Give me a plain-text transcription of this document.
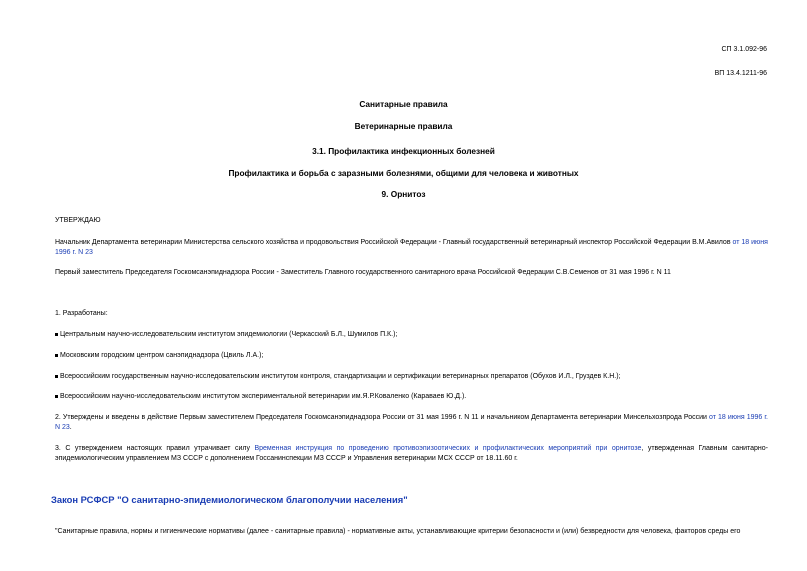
СП 3.1.092-96
ВП 13.4.1211-96
Санитарные правила
Ветеринарные правила
3.1. Профилактика инфекционных болезней
Профилактика и борьба с заразными болезнями, общими для человека и животных
9. Орнитоз
УТВЕРЖДАЮ
Начальник Департамента ветеринарии Министерства сельского хозяйства и продовольствия Российской Федерации - Главный государственный ветеринарный инспектор Российской Федерации В.М.Авилов от 18 июня 1996 г. N 23
Первый заместитель Председателя Госкомсанэпиднадзора России - Заместитель Главного государственного санитарного врача Российской Федерации С.В.Семенов от 31 мая 1996 г. N 11
1. Разработаны:
Центральным научно-исследовательским институтом эпидемиологии (Черкасский Б.Л., Шумилов П.К.);
Московским городским центром санэпиднадзора (Цвиль Л.А.);
Всероссийским государственным научно-исследовательским институтом контроля, стандартизации и сертификации ветеринарных препаратов (Обухов И.Л., Груздев К.Н.);
Всероссийским научно-исследовательским институтом экспериментальной ветеринарии им.Я.Р.Коваленко (Караваев Ю.Д.).
2. Утверждены и введены в действие Первым заместителем Председателя Госкомсанэпиднадзора России от 31 мая 1996 г. N 11 и начальником Департамента ветеринарии Минсельхозпрода России от 18 июня 1996 г. N 23.
3. С утверждением настоящих правил утрачивает силу Временная инструкция по проведению противоэпизоотических и профилактических мероприятий при орнитозе, утвержденная Главным санитарно-эпидемиологическим управлением МЗ СССР с дополнением Госсанинспекции МЗ СССР и Управления ветеринарии МСХ СССР от 18.11.60 г.
Закон РСФСР "О санитарно-эпидемиологическом благополучии населения"
"Санитарные правила, нормы и гигиенические нормативы (далее - санитарные правила) - нормативные акты, устанавливающие критерии безопасности и (или) безвредности для человека, факторов среды его
